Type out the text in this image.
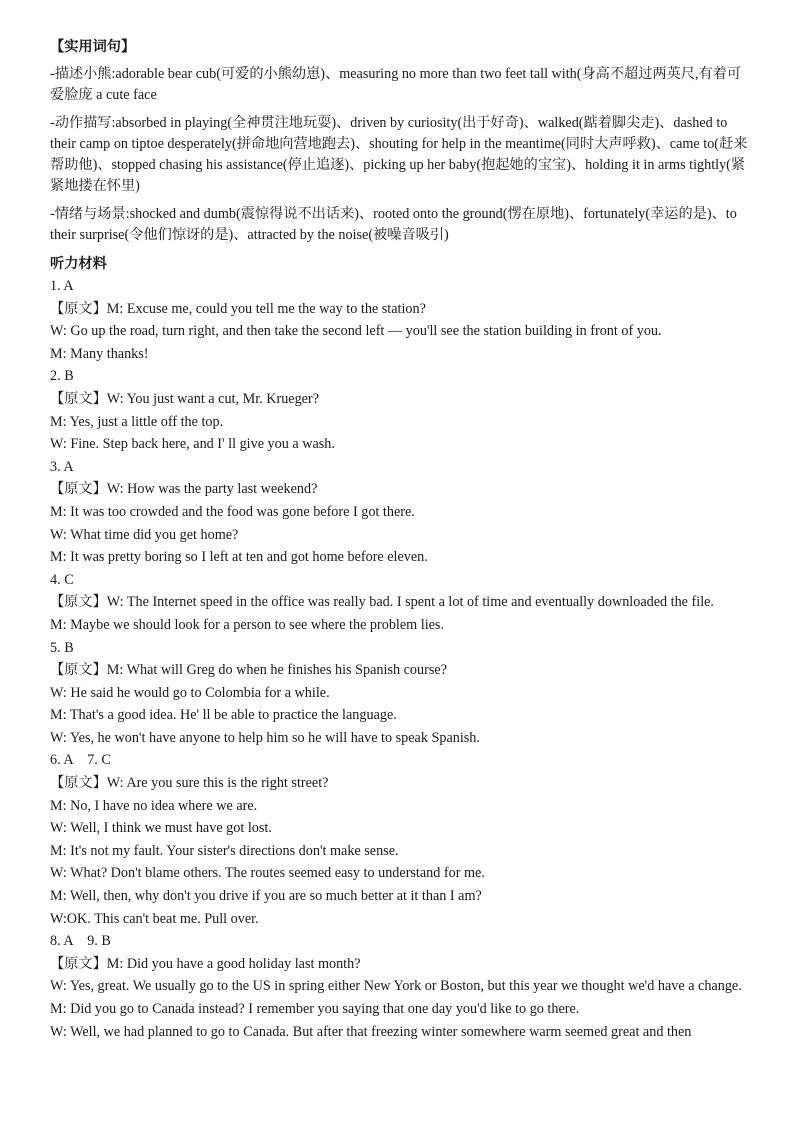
【实用词句】
-描述小熊:adorable bear cub(可爱的小熊幼崽)、measuring no more than two feet tall with(身高不超过两英尺,有着可爱脸庞 a cute face
-动作描写:absorbed in playing(全神贯注地玩耍)、driven by curiosity(出于好奇)、walked(踮着脚尖走)、dashed to their camp on tiptoe desperately(拼命地向营地跑去)、shouting for help in the meantime(同时大声呼救)、came to(赶来帮助他)、stopped chasing his assistance(停止追逐)、picking up her baby(抱起她的宝宝)、holding it in arms tightly(紧紧地搂在怀里)
-情绪与场景:shocked and dumb(震惊得说不出话来)、rooted onto the ground(愣在原地)、fortunately(幸运的是)、to their surprise(令他们惊讶的是)、attracted by the noise(被噪音吸引)
听力材料
1. A
【原文】M: Excuse me, could you tell me the way to the station?
W: Go up the road, turn right, and then take the second left — you'll see the station building in front of you.
M: Many thanks!
2. B
【原文】W: You just want a cut, Mr. Krueger?
M: Yes, just a little off the top.
W: Fine. Step back here, and I' ll give you a wash.
3. A
【原文】W: How was the party last weekend?
M: It was too crowded and the food was gone before I got there.
W: What time did you get home?
M: It was pretty boring so I left at ten and got home before eleven.
4. C
【原文】W: The Internet speed in the office was really bad. I spent a lot of time and eventually downloaded the file.
M: Maybe we should look for a person to see where the problem lies.
5. B
【原文】M: What will Greg do when he finishes his Spanish course?
W: He said he would go to Colombia for a while.
M: That's a good idea. He' ll be able to practice the language.
W: Yes, he won't have anyone to help him so he will have to speak Spanish.
6. A 7. C
【原文】W: Are you sure this is the right street?
M: No, I have no idea where we are.
W: Well, I think we must have got lost.
M: It's not my fault. Your sister's directions don't make sense.
W: What? Don't blame others. The routes seemed easy to understand for me.
M: Well, then, why don't you drive if you are so much better at it than I am?
W:OK. This can't beat me. Pull over.
8. A 9. B
【原文】M: Did you have a good holiday last month?
W: Yes, great. We usually go to the US in spring either New York or Boston, but this year we thought we'd have a change.
M: Did you go to Canada instead? I remember you saying that one day you'd like to go there.
W: Well, we had planned to go to Canada. But after that freezing winter somewhere warm seemed great and then
